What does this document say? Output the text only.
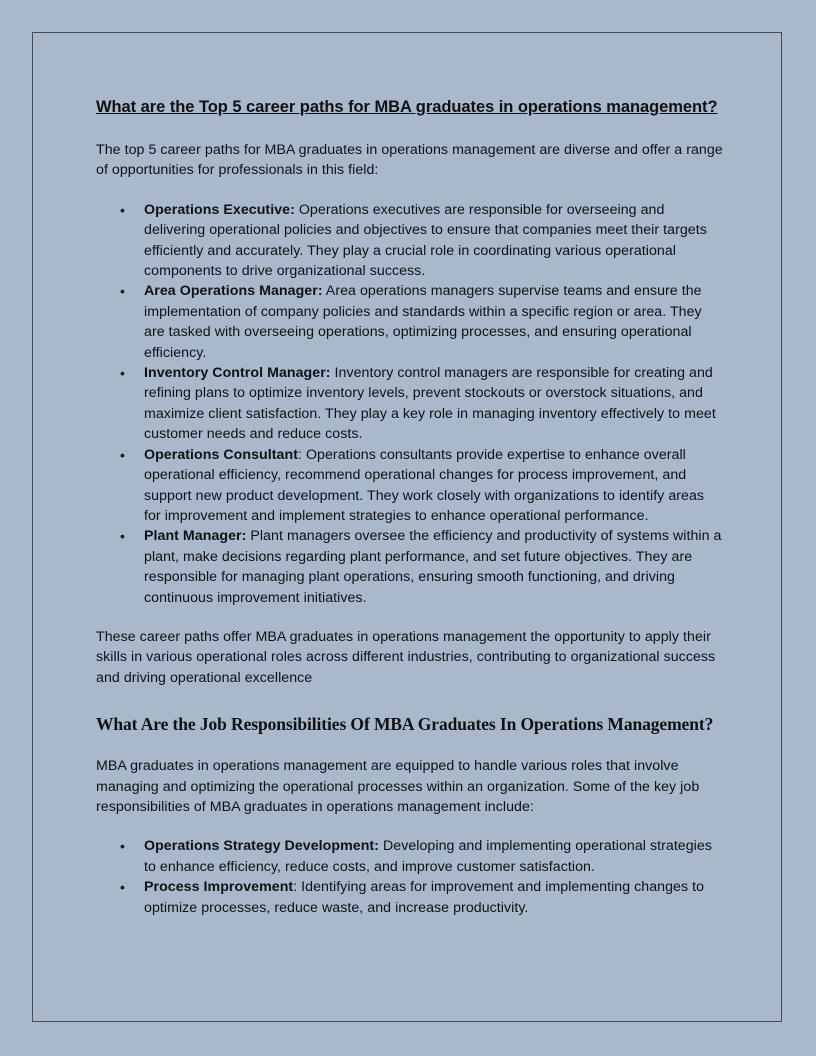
What are the Top 5 career paths for MBA graduates in operations management?

The top 5 career paths for MBA graduates in operations management are diverse and offer a range of opportunities for professionals in this field:

• Operations Executive: Operations executives are responsible for overseeing and delivering operational policies and objectives to ensure that companies meet their targets efficiently and accurately. They play a crucial role in coordinating various operational components to drive organizational success.
• Area Operations Manager: Area operations managers supervise teams and ensure the implementation of company policies and standards within a specific region or area. They are tasked with overseeing operations, optimizing processes, and ensuring operational efficiency.
• Inventory Control Manager: Inventory control managers are responsible for creating and refining plans to optimize inventory levels, prevent stockouts or overstock situations, and maximize client satisfaction. They play a key role in managing inventory effectively to meet customer needs and reduce costs.
• Operations Consultant: Operations consultants provide expertise to enhance overall operational efficiency, recommend operational changes for process improvement, and support new product development. They work closely with organizations to identify areas for improvement and implement strategies to enhance operational performance.
• Plant Manager: Plant managers oversee the efficiency and productivity of systems within a plant, make decisions regarding plant performance, and set future objectives. They are responsible for managing plant operations, ensuring smooth functioning, and driving continuous improvement initiatives.

These career paths offer MBA graduates in operations management the opportunity to apply their skills in various operational roles across different industries, contributing to organizational success and driving operational excellence

What Are the Job Responsibilities Of MBA Graduates In Operations Management?

MBA graduates in operations management are equipped to handle various roles that involve managing and optimizing the operational processes within an organization. Some of the key job responsibilities of MBA graduates in operations management include:

• Operations Strategy Development: Developing and implementing operational strategies to enhance efficiency, reduce costs, and improve customer satisfaction.
• Process Improvement: Identifying areas for improvement and implementing changes to optimize processes, reduce waste, and increase productivity.
